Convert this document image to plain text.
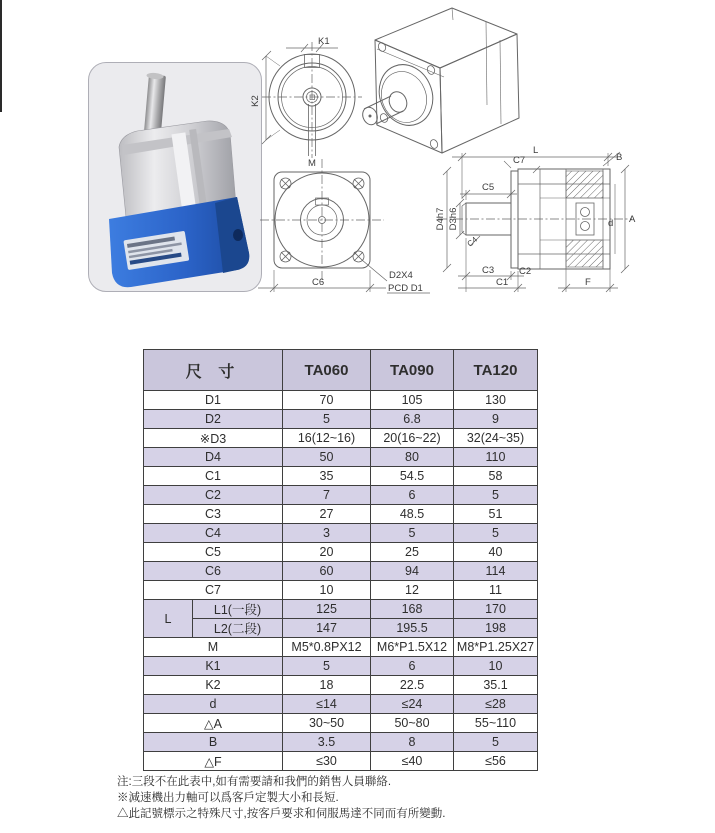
K1
K2
M
C6
D2X4
PCD D1
L
C7	B
C5
D4h7 D3h6
C4
A
d
C3	C2
C1	F
尺 寸		TA060	TA090	TA120
D1		70	105	130
D2		5	6.8	9
※D3		16(12~16)	20(16~22)	32(24~35)
D4		50	80	110
C1		35	54.5	58
C2		7	6	5
C3		27	48.5	51
C4		3	5	5
C5		20	25	40
C6		60	94	114
C7		10	12	11
L	L1(一段)	125	168	170
	L2(二段)	147	195.5	198
M		M5*0.8PX12	M6*P1.5X12	M8*P1.25X27
K1		5	6	10
K2		18	22.5	35.1
d		≤14	≤24	≤28
△A		30~50	50~80	55~110
B		3.5	8	5
△F		≤30	≤40	≤56
注:三段不在此表中,如有需要請和我們的銷售人員聯絡.
※減速機出力軸可以爲客戶定製大小和長短.
△此記號標示之特殊尺寸,按客戶要求和伺服馬達不同而有所變動.
